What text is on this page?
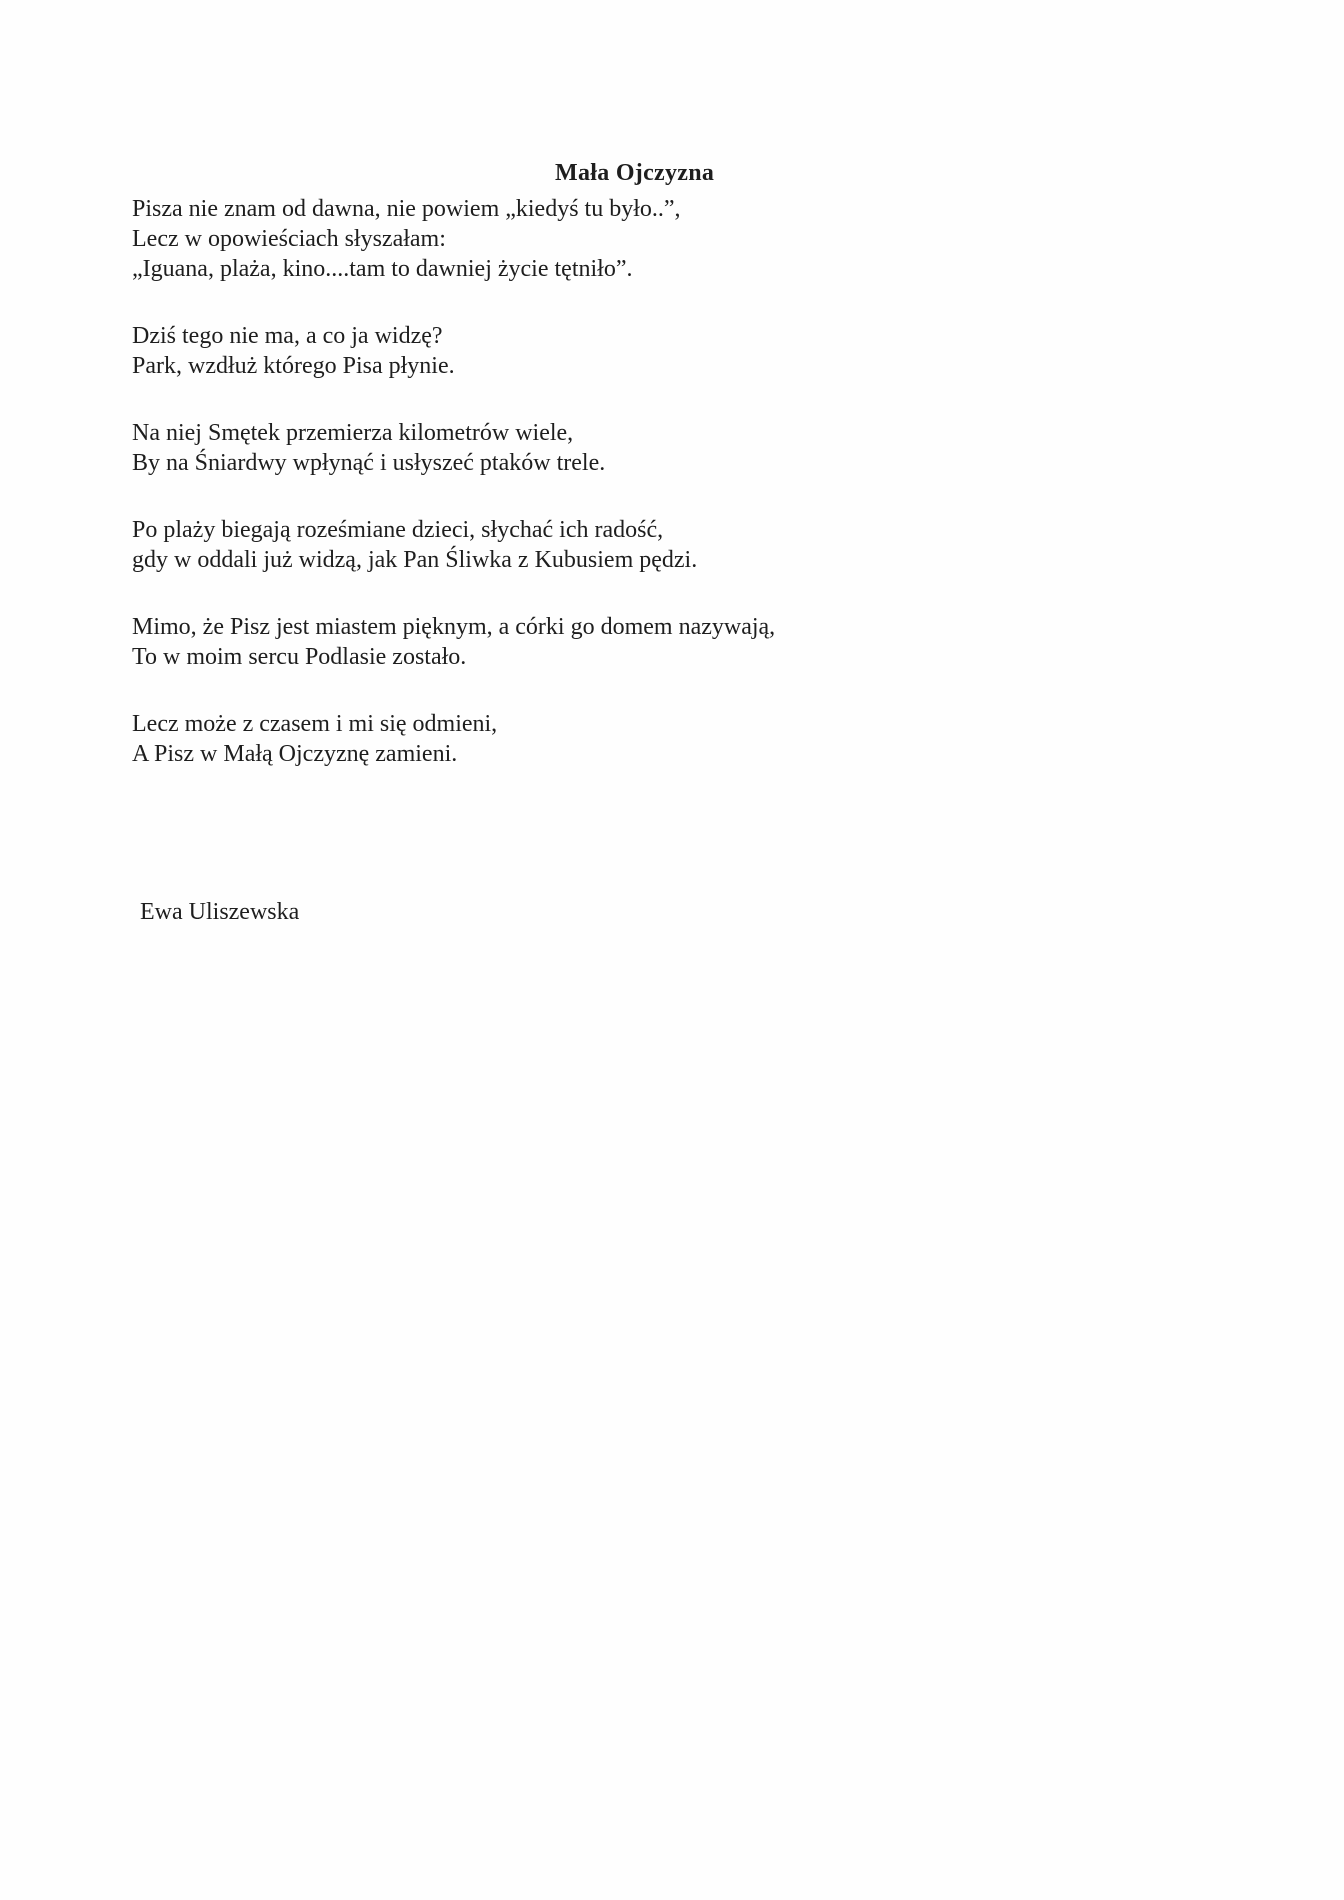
Mała Ojczyzna
Pisza nie znam od dawna, nie powiem „kiedyś tu było..”,
Lecz w opowieściach słyszałam:
„Iguana, plaża, kino....tam to dawniej życie tętniło”.
Dziś tego nie ma, a co ja widzę?
Park, wzdłuż którego Pisa płynie.
Na niej Smętek przemierza kilometrów wiele,
By na Śniardwy wpłynąć i usłyszeć ptaków trele.
Po plaży biegają roześmiane dzieci, słychać ich radość,
gdy w oddali już widzą, jak Pan Śliwka z Kubusiem pędzi.
Mimo, że Pisz jest miastem pięknym, a córki go domem nazywają,
To w moim sercu Podlasie zostało.
Lecz może z czasem i mi się odmieni,
A Pisz w Małą Ojczyznę zamieni.
Ewa Uliszewska
